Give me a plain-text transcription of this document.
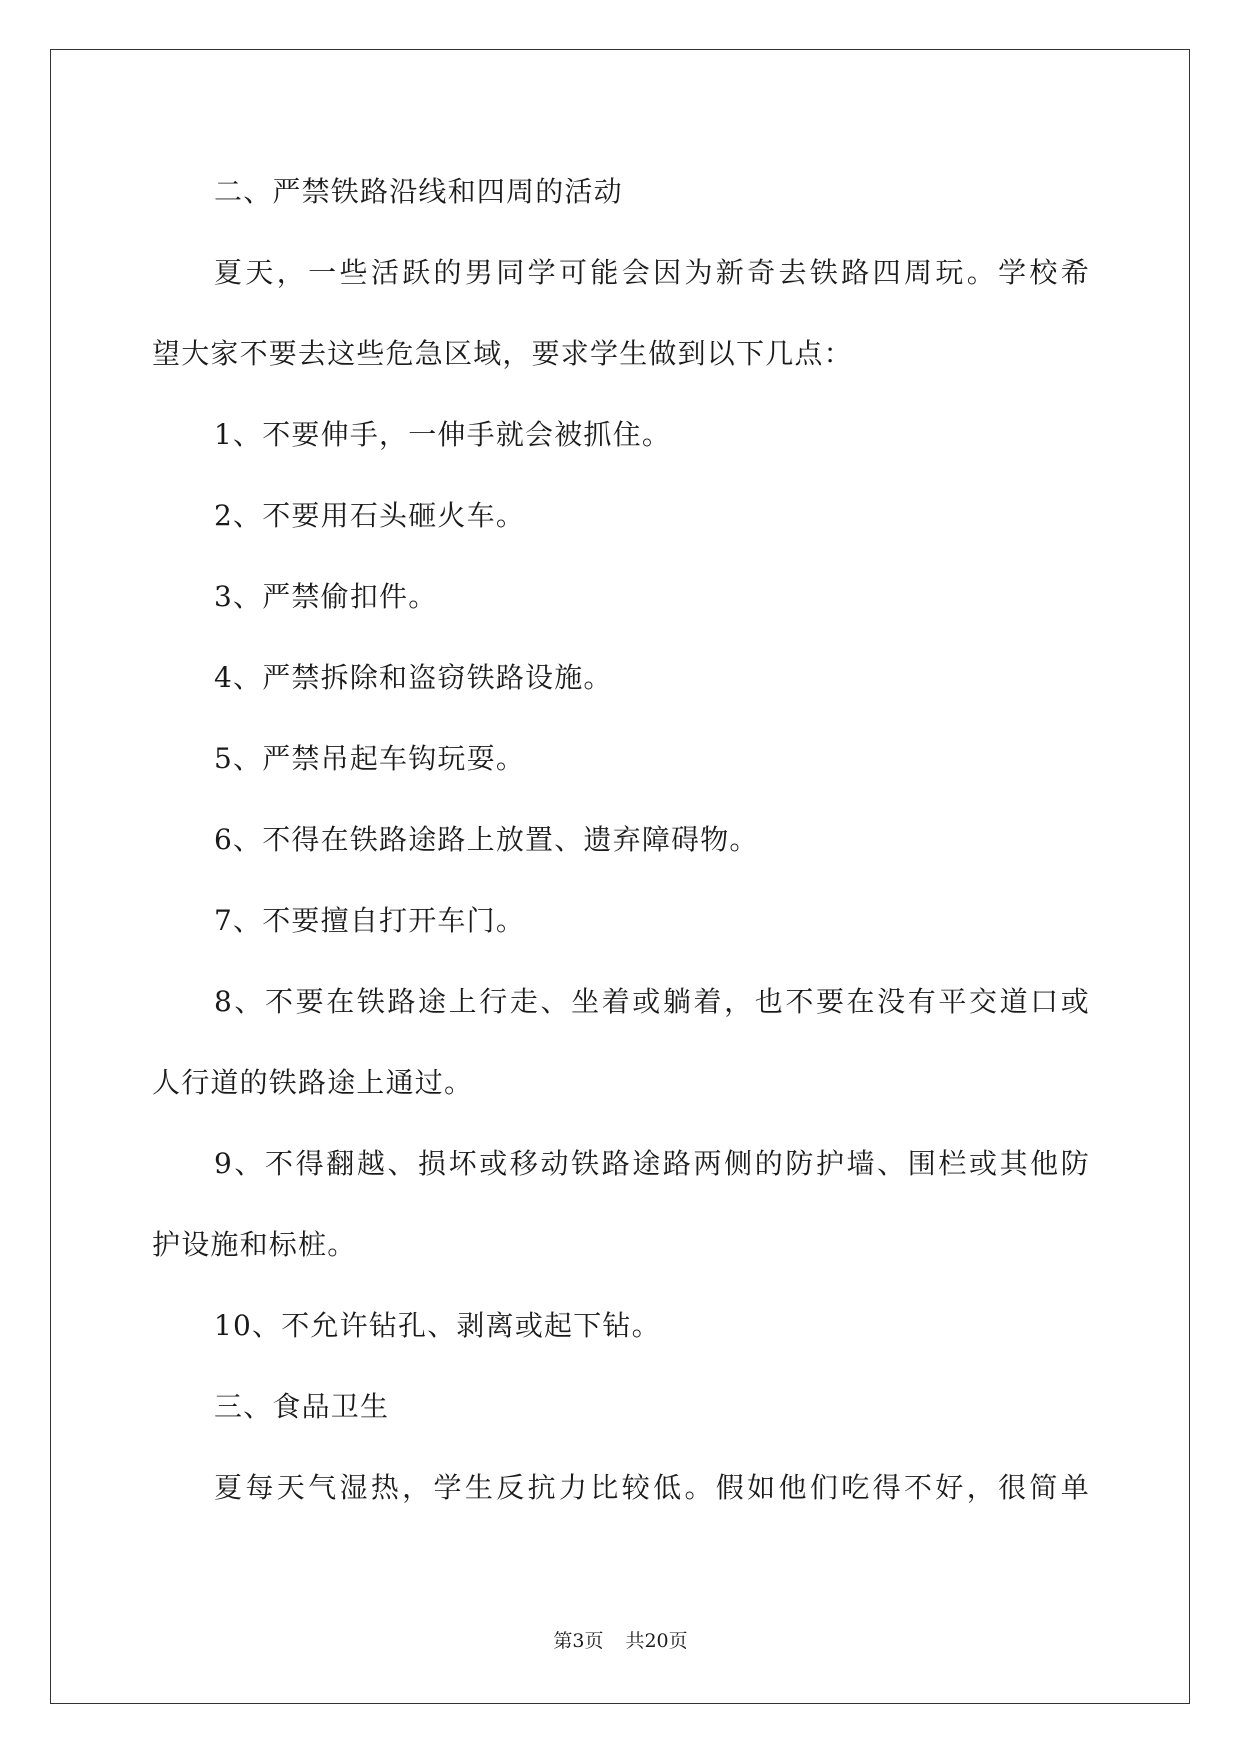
二、严禁铁路沿线和四周的活动
夏天，一些活跃的男同学可能会因为新奇去铁路四周玩。学校希
望大家不要去这些危急区域，要求学生做到以下几点：
1、不要伸手，一伸手就会被抓住。
2、不要用石头砸火车。
3、严禁偷扣件。
4、严禁拆除和盗窃铁路设施。
5、严禁吊起车钩玩耍。
6、不得在铁路途路上放置、遗弃障碍物。
7、不要擅自打开车门。
8、不要在铁路途上行走、坐着或躺着，也不要在没有平交道口或
人行道的铁路途上通过。
9、不得翻越、损坏或移动铁路途路两侧的防护墙、围栏或其他防
护设施和标桩。
10、不允许钻孔、剥离或起下钻。
三、食品卫生
夏每天气湿热，学生反抗力比较低。假如他们吃得不好，很简单
第3页 共20页
